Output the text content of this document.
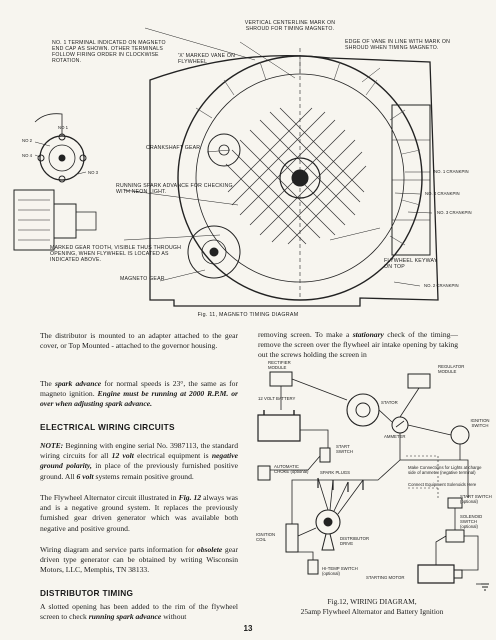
NO. 1 TERMINAL INDICATED ON MAGNETO END CAP AS SHOWN. OTHER TERMINALS FOLLOW FIRING ORDER IN CLOCKWISE ROTATION.
VERTICAL CENTERLINE MARK ON SHROUD FOR TIMING MAGNETO.
'X' MARKED VANE ON FLYWHEEL
EDGE OF VANE IN LINE WITH MARK ON SHROUD WHEN TIMING MAGNETO.
CRANKSHAFT GEAR
RUNNING SPARK ADVANCE FOR CHECKING WITH NEON LIGHT.
MARKED GEAR TOOTH, VISIBLE THUS THROUGH OPENING, WHEN FLYWHEEL IS LOCATED AS INDICATED ABOVE.
MAGNETO GEAR
FLYWHEEL KEYWAY ON TOP
NO. 1 CRANKPIN
NO. 4 CRANKPIN
NO. 3 CRANKPIN
NO. 2 CRANKPIN
NO 2
NO 4
NO 3
NO 1
Fig. 11, MAGNETO TIMING DIAGRAM
The distributor is mounted to an adapter attached to the gear cover, or Top Mounted - attached to the governor housing.
removing screen. To make a stationary check of the timing—remove the screen over the flywheel air intake opening by taking out the screws holding the screen in
The spark advance for normal speeds is 23°, the same as for magneto ignition. Engine must be running at 2000 R.P.M. or over when adjusting spark advance.
ELECTRICAL WIRING CIRCUITS
NOTE: Beginning with engine serial No. 3987113, the standard wiring circuits for all 12 volt electrical equipment is negative ground polarity, in place of the previously furnished positive ground. All 6 volt systems remain positive ground.
The Flywheel Alternator circuit illustrated in Fig. 12 always was and is a negative ground system. It replaces the previously furnished gear driven generator which was available both negative and positive ground.
Wiring diagram and service parts information for obsolete gear driven type generator can be obtained by writing Wisconsin Motors, LLC, Memphis, TN 38133.
DISTRIBUTOR TIMING
A slotted opening has been added to the rim of the flywheel screen to check running spark advance without
RECTIFIER MODULE	REGULATOR MODULE
12 VOLT BATTERY
STATOR
AMMETER
IGNITION SWITCH
START SWITCH
AUTOMATIC CHOKE (optional)
Make Connections for Lights at charge side of ammeter (negative terminal)
Connect Equipment Solenoids Here
START SWITCH (optional)
SPARK PLUGS
SOLENOID SWITCH (optional)
IGNITION COIL	DISTRIBUTOR DRIVE
HI-TEMP SWITCH (optional)
STARTING MOTOR
Fig.12, WIRING DIAGRAM,
25amp Flywheel Alternator and Battery Ignition
13
